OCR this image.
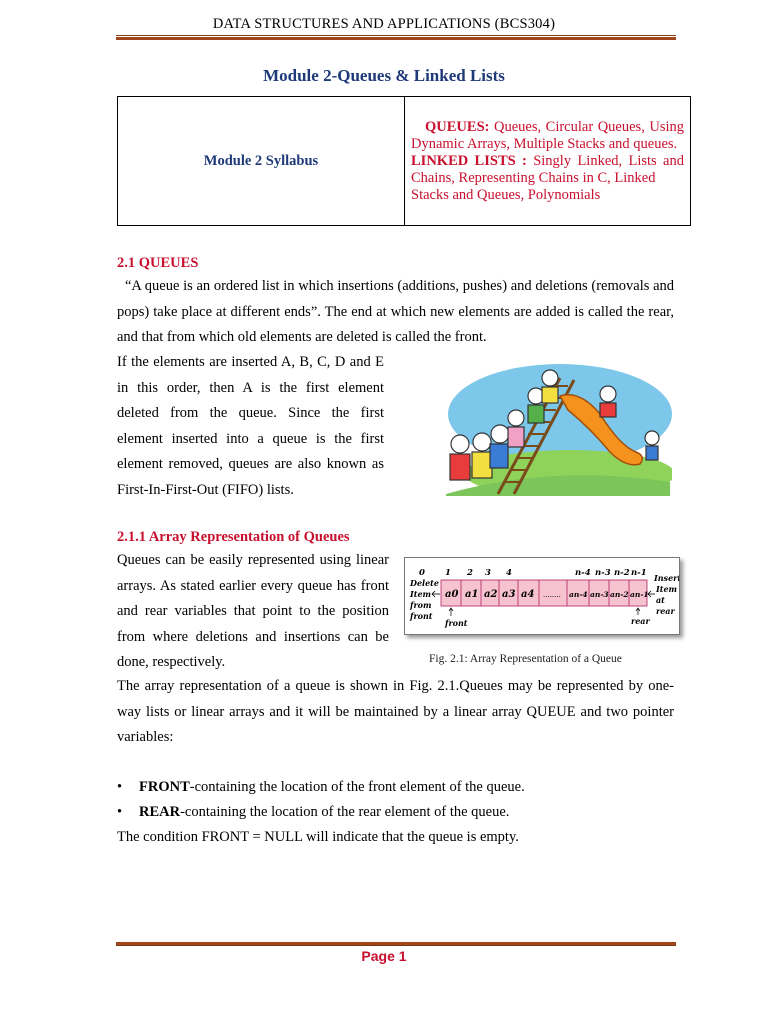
DATA STRUCTURES AND APPLICATIONS (BCS304)
Module 2-Queues & Linked Lists
Module 2 Syllabus	
QUEUES: Queues, Circular Queues, Using Dynamic Arrays, Multiple Stacks and queues.
LINKED LISTS : Singly Linked, Lists and Chains, Representing Chains in C, Linked
Stacks and Queues, Polynomials
2.1 QUEUES
“A queue is an ordered list in which insertions (additions, pushes) and deletions (removals and pops) take place at different ends”. The end at which new elements are added is called the rear, and that from which old elements are deleted is called the front.
If the elements are inserted A, B, C, D and E in this order, then A is the first element deleted from the queue. Since the first element inserted into a queue is the first element removed, queues are also known as First-In-First-Out (FIFO) lists.
2.1.1 Array Representation of Queues
Queues can be easily represented using linear arrays. As stated earlier every queue has front and rear variables that point to the position from where deletions and insertions can be done, respectively.
0 1 2 3 4	n-4 n-3 n-2 n-1
a0 a1 a2 a3 a4 ........ an-4 an-3 an-2 an-1
Delete
Item
from
front
Insert
Item
at
rear
front	rear
Fig. 2.1: Array Representation of a Queue
The array representation of a queue is shown in Fig. 2.1.Queues may be represented by one-way lists or linear arrays and it will be maintained by a linear array QUEUE and two pointer variables:
• FRONT-containing the location of the front element of the queue.
• REAR-containing the location of the rear element of the queue.
The condition FRONT = NULL will indicate that the queue is empty.
Page 1
